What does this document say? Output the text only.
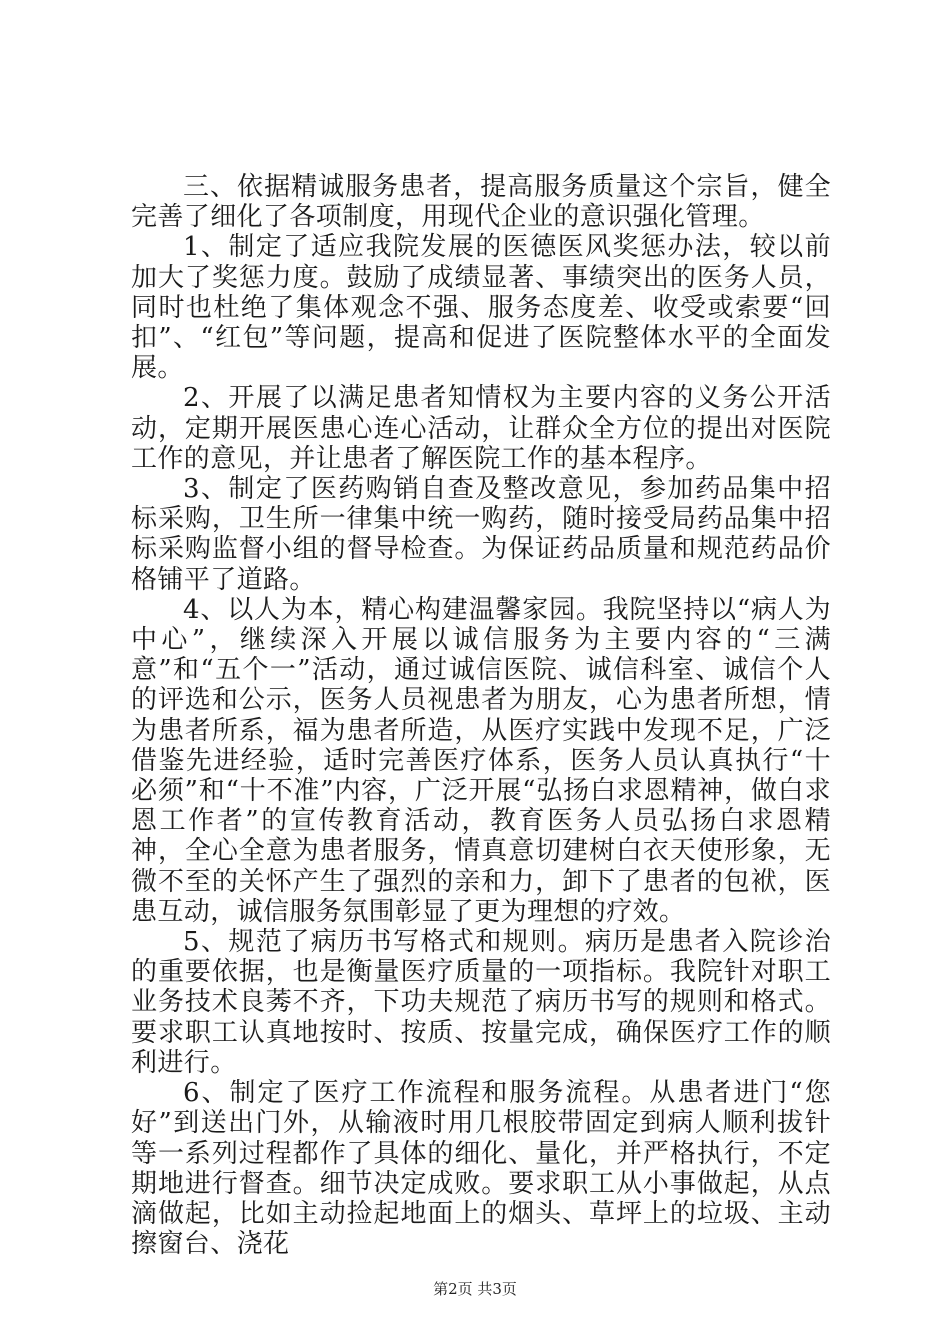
三、依据精诚服务患者，提高服务质量这个宗旨，健全完善了细化了各项制度，用现代企业的意识强化管理。

1、制定了适应我院发展的医德医风奖惩办法，较以前加大了奖惩力度。鼓励了成绩显著、事绩突出的医务人员，同时也杜绝了集体观念不强、服务态度差、收受或索要“回扣”、“红包”等问题，提高和促进了医院整体水平的全面发展。

2、开展了以满足患者知情权为主要内容的义务公开活动，定期开展医患心连心活动，让群众全方位的提出对医院工作的意见，并让患者了解医院工作的基本程序。

3、制定了医药购销自查及整改意见，参加药品集中招标采购，卫生所一律集中统一购药，随时接受局药品集中招标采购监督小组的督导检查。为保证药品质量和规范药品价格铺平了道路。

4、以人为本，精心构建温馨家园。我院坚持以“病人为中心”，继续深入开展以诚信服务为主要内容的“三满意”和“五个一”活动，通过诚信医院、诚信科室、诚信个人的评选和公示，医务人员视患者为朋友，心为患者所想，情为患者所系，福为患者所造，从医疗实践中发现不足，广泛借鉴先进经验，适时完善医疗体系，医务人员认真执行“十必须”和“十不准”内容，广泛开展“弘扬白求恩精神，做白求恩工作者”的宣传教育活动，教育医务人员弘扬白求恩精神，全心全意为患者服务，情真意切建树白衣天使形象，无微不至的关怀产生了强烈的亲和力，卸下了患者的包袱，医患互动，诚信服务氛围彰显了更为理想的疗效。

5、规范了病历书写格式和规则。病历是患者入院诊治的重要依据，也是衡量医疗质量的一项指标。我院针对职工业务技术良莠不齐，下功夫规范了病历书写的规则和格式。要求职工认真地按时、按质、按量完成，确保医疗工作的顺利进行。

6、制定了医疗工作流程和服务流程。从患者进门“您好”到送出门外，从输液时用几根胶带固定到病人顺利拔针等一系列过程都作了具体的细化、量化，并严格执行，不定期地进行督查。细节决定成败。要求职工从小事做起，从点滴做起，比如主动捡起地面上的烟头、草坪上的垃圾、主动擦窗台、浇花

第2页 共3页
